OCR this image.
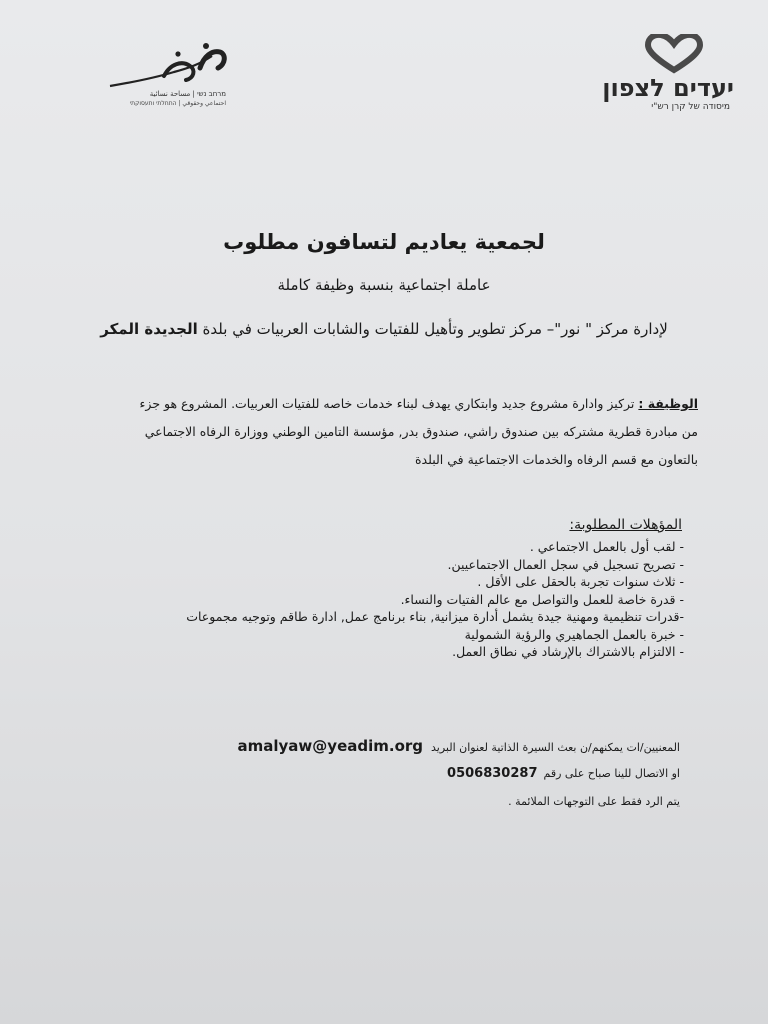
מרחב נשי | مساحة نسائية
احتماعي وحقوقي | התחלתי ותעסוקתי
יעדים לצפון
מיסודה של קרן רש"י
لجمعية يعاديم لتسافون مطلوب
عاملة اجتماعية بنسبة وظيفة كاملة
لإدارة مركز " نور"– مركز تطوير وتأهيل للفتيات والشابات العربيات في بلدة الجديدة المكر
الوظيفة : تركيز وادارة مشروع جديد وابتكاري يهدف لبناء خدمات خاصه للفتيات العربيات. المشروع هو جزء
من مبادرة قطرية مشتركه بين صندوق راشي، صندوق بدر, مؤسسة التامين الوطني ووزارة الرفاه الاجتماعي
بالتعاون مع قسم الرفاه والخدمات الاجتماعية في البلدة
المؤهلات المطلوبة:
- لقب أول بالعمل الاجتماعي .
- تصريح تسجيل في سجل العمال الاجتماعيين.
- ثلاث سنوات تجربة بالحقل على الأقل .
- قدرة خاصة للعمل والتواصل مع عالم الفتيات والنساء.
-قدرات تنظيمية ومهنية جيدة يشمل أدارة ميزانية, بناء برنامج عمل, ادارة طاقم وتوجيه مجموعات
- خبرة بالعمل الجماهيري والرؤية الشمولية
- الالتزام بالاشتراك بالإرشاد في نطاق العمل.
المعنيين/ات يمكنهم/ن بعث السيرة الذاتية لعنوان البريدamalyaw@yeadim.org
او الاتصال للينا صباح على رقم0506830287
يتم الرد فقط على التوجهات الملائمة .
